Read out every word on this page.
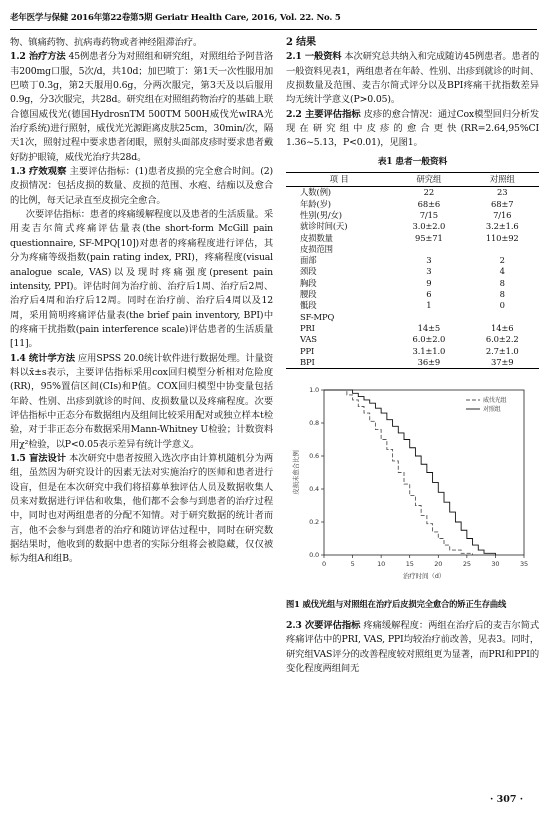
老年医学与保健 2016年第22卷第5期 Geriatr Health Care, 2016, Vol. 22. No. 5

物、镇痛药物、抗病毒药物或者神经阻滞治疗。

1.2 治疗方法 45例患者分为对照组和研究组，对照组给予阿昔洛韦200mg口服，5次/d，共10d；加巴喷丁：第1天一次性服用加巴喷丁0.3g，第2天服用0.6g，分两次服完，第3天及以后服用0.9g，分3次服完，共28d。研究组在对照组药物治疗的基础上联合德国威伐光(德国HydrosnTM 500TM 500H威伐光wIRA光治疗系统)进行照射，威伐光光源距离皮肤25cm，30min/次，隔天1次，照射过程中要求患者闭眼，照射头面部皮疹时要求患者戴好防护眼镜，威伐光治疗共28d。

1.3 疗效观察 主要评估指标：(1)患者皮损的完全愈合时间。(2)皮损情况：包括皮损的数量、皮损的范围、水疱、结痂以及愈合的比例，每天记录直至皮损完全愈合。

次要评估指标：患者的疼痛缓解程度以及患者的生活质量。采用麦吉尔简式疼痛评估量表(the short-form McGill pain questionnaire, SF-MPQ[10])对患者的疼痛程度进行评估，其分为疼痛等级指数(pain rating index, PRI)，疼痛程度(visual analogue scale, VAS)以及现时疼痛强度(present pain intensity, PPI)。评估时间为治疗前、治疗后1周、治疗后2周、治疗后4周和治疗后12周。同时在治疗前、治疗后4周以及12周，采用简明疼痛评估量表(the brief pain inventory, BPI)中的疼痛干扰指数(pain interference scale)评估患者的生活质量[11]。

1.4 统计学方法 应用SPSS 20.0统计软件进行数据处理。计量资料以x̄±s表示，主要评估指标采用cox回归模型分析相对危险度(RR)，95%置信区间(CIs)和P值。COX回归模型中协变量包括年龄、性别、出疹到就诊的时间、皮损数量以及疼痛程度。次要评估指标中正态分布数据组内及组间比较采用配对或独立样本t检验，对于非正态分布数据采用Mann-Whitney U检验；计数资料用χ²检验，以P<0.05表示差异有统计学意义。

1.5 盲法设计 本次研究中患者按照入选次序由计算机随机分为两组，虽然因为研究设计的因素无法对实施治疗的医师和患者进行设盲，但是在本次研究中我们将招募单独评估人员及数据收集人员来对数据进行评估和收集，他们都不会参与到患者的治疗过程中，同时也对两组患者的分配不知情。对于研究数据的统计者而言，他不会参与到患者的治疗和随访评估过程中，同时在研究数据结果时，他收到的数据中患者的实际分组将会被隐藏，仅仅被标为组A和组B。

2 结果

2.1 一般资料 本次研究总共纳入和完成随访45例患者。患者的一般资料见表1，两组患者在年龄、性别、出疹到就诊的时间、皮损数量及范围、麦吉尔简式评分以及BPI疼痛干扰指数差异均无统计学意义(P>0.05)。

2.2 主要评估指标 皮疹的愈合情况：通过Cox模型回归分析发现在研究组中皮疹的愈合更快(RR=2.64,95%CI 1.36~5.13，P<0.01)，见图1。

表1 患者一般资料
项 目	研究组	对照组
人数(例)	22	23
年龄(岁)	68±6	68±7
性别(男/女)	7/15	7/16
就诊时间(天)	3.0±2.0	3.2±1.6
皮损数量	95±71	110±92
皮损范围		
面部	3	2
颈段	3	4
胸段	9	8
腰段	6	8
骶段	1	0
SF-MPQ		
PRI	14±5	14±6
VAS	6.0±2.0	6.0±2.2
PPI	3.1±1.0	2.7±1.0
BPI	36±9	37±9
0	5	10	15	20	25	30	35
0.0
0.2
0.4
0.6
0.8
1.0
治疗时间（d）
皮损未愈合比例
威伐光组
对照组
图1 威伐光组与对照组在治疗后皮损完全愈合的矫正生存曲线

2.3 次要评估指标 疼痛缓解程度：两组在治疗后的麦吉尔简式疼痛评估中的PRI, VAS, PPI均较治疗前改善，见表3。同时，研究组VAS评分的改善程度较对照组更为显著，而PRI和PPI的变化程度两组间无

· 307 ·
